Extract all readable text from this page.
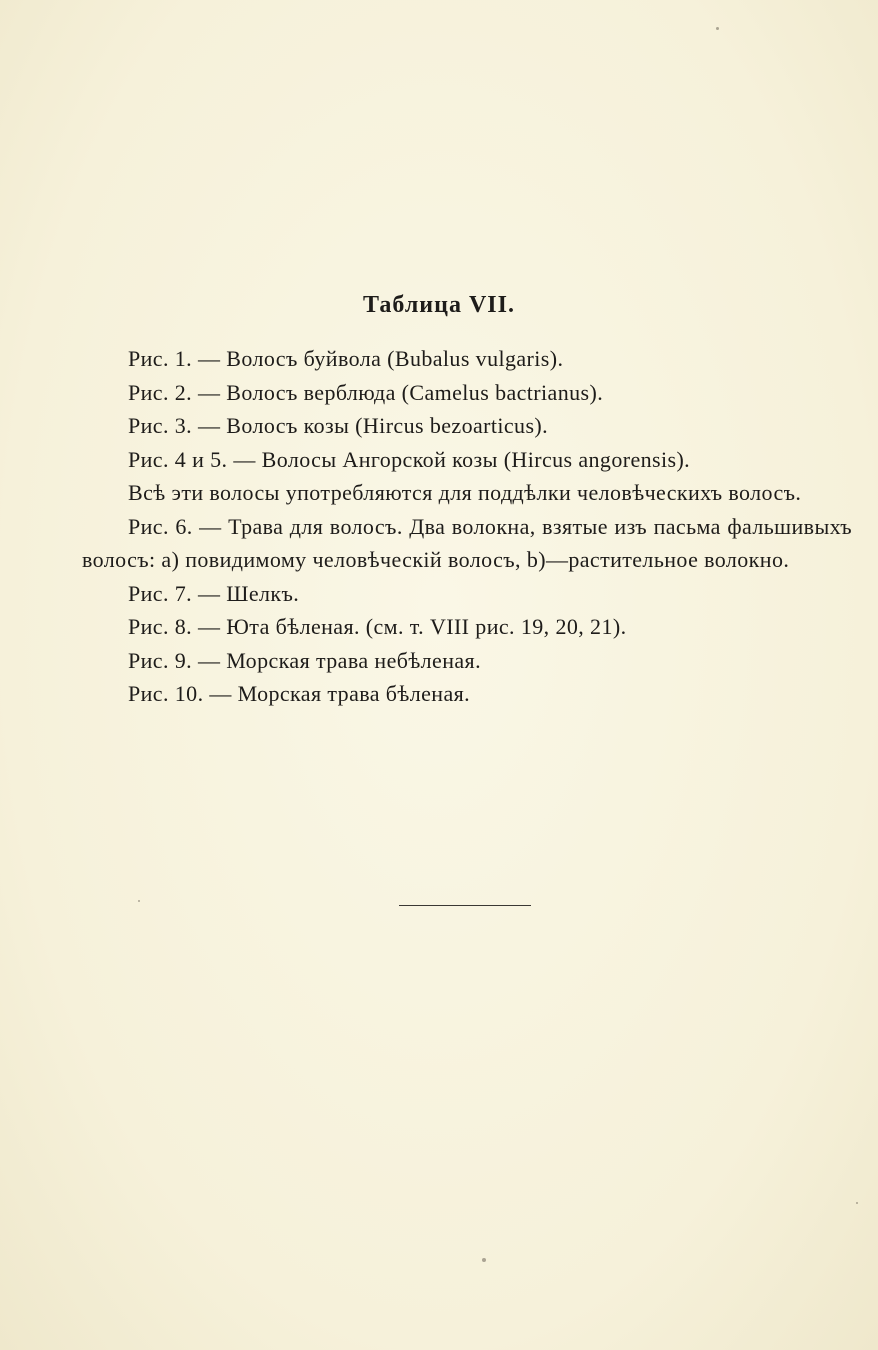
Таблица VII.

Рис. 1. — Волосъ буйвола (Bubalus vulgaris).

Рис. 2. — Волосъ верблюда (Camelus bactrianus).

Рис. 3. — Волосъ козы (Hircus bezoarticus).

Рис. 4 и 5. — Волосы Ангорской козы (Hircus angorensis).

Всѣ эти волосы употребляются для поддѣлки человѣческихъ волосъ.

Рис. 6. — Трава для волосъ. Два волокна, взятые изъ пасьма фальшивыхъ волосъ: a) повидимому человѣческій волосъ, b)—растительное волокно.

Рис. 7. — Шелкъ.

Рис. 8. — Юта бѣленая. (см. т. VIII рис. 19, 20, 21).

Рис. 9. — Морская трава небѣленая.

Рис. 10. — Морская трава бѣленая.
